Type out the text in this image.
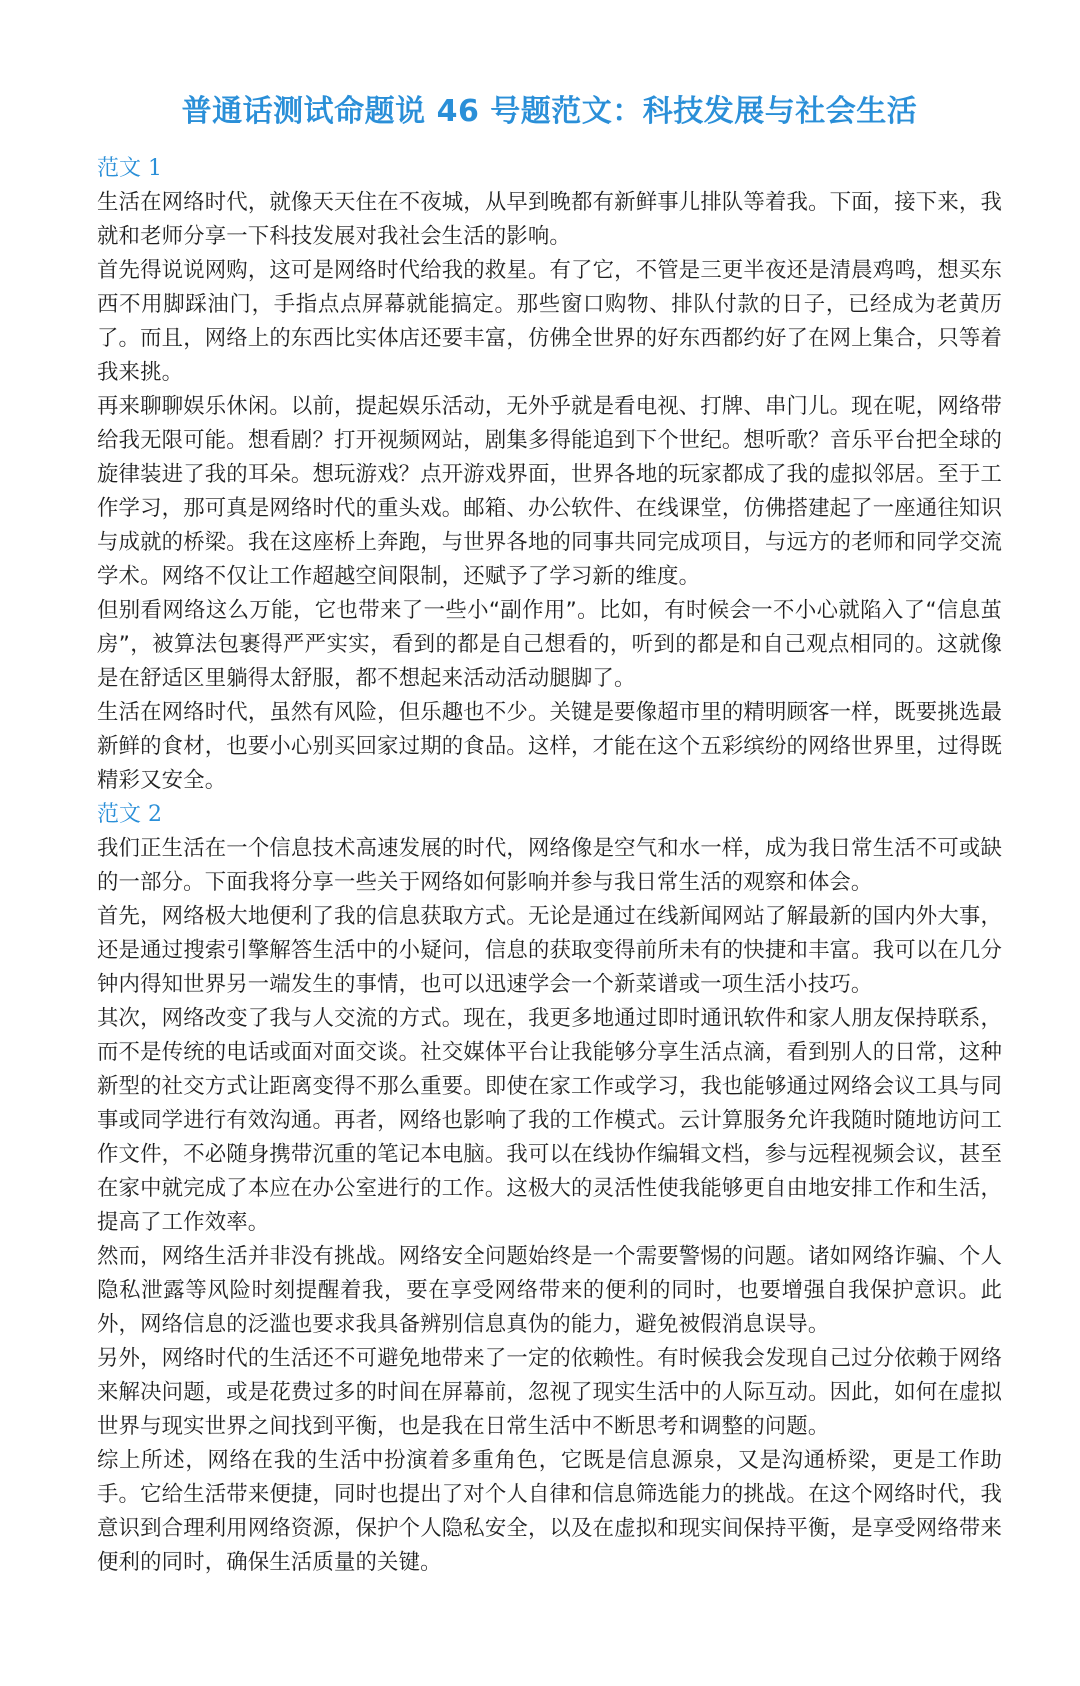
普通话测试命题说 46 号题范文：科技发展与社会生活
范文 1

生活在网络时代，就像天天住在不夜城，从早到晚都有新鲜事儿排队等着我。下面，接下来，我就和老师分享一下科技发展对我社会生活的影响。

首先得说说网购，这可是网络时代给我的救星。有了它，不管是三更半夜还是清晨鸡鸣，想买东西不用脚踩油门，手指点点屏幕就能搞定。那些窗口购物、排队付款的日子，已经成为老黄历了。而且，网络上的东西比实体店还要丰富，仿佛全世界的好东西都约好了在网上集合，只等着我来挑。

再来聊聊娱乐休闲。以前，提起娱乐活动，无外乎就是看电视、打牌、串门儿。现在呢，网络带给我无限可能。想看剧？打开视频网站，剧集多得能追到下个世纪。想听歌？音乐平台把全球的旋律装进了我的耳朵。想玩游戏？点开游戏界面，世界各地的玩家都成了我的虚拟邻居。至于工作学习，那可真是网络时代的重头戏。邮箱、办公软件、在线课堂，仿佛搭建起了一座通往知识与成就的桥梁。我在这座桥上奔跑，与世界各地的同事共同完成项目，与远方的老师和同学交流学术。网络不仅让工作超越空间限制，还赋予了学习新的维度。

但别看网络这么万能，它也带来了一些小“副作用”。比如，有时候会一不小心就陷入了“信息茧房”，被算法包裹得严严实实，看到的都是自己想看的，听到的都是和自己观点相同的。这就像是在舒适区里躺得太舒服，都不想起来活动活动腿脚了。

生活在网络时代，虽然有风险，但乐趣也不少。关键是要像超市里的精明顾客一样，既要挑选最新鲜的食材，也要小心别买回家过期的食品。这样，才能在这个五彩缤纷的网络世界里，过得既精彩又安全。

范文 2

我们正生活在一个信息技术高速发展的时代，网络像是空气和水一样，成为我日常生活不可或缺的一部分。下面我将分享一些关于网络如何影响并参与我日常生活的观察和体会。

首先，网络极大地便利了我的信息获取方式。无论是通过在线新闻网站了解最新的国内外大事，还是通过搜索引擎解答生活中的小疑问，信息的获取变得前所未有的快捷和丰富。我可以在几分钟内得知世界另一端发生的事情，也可以迅速学会一个新菜谱或一项生活小技巧。

其次，网络改变了我与人交流的方式。现在，我更多地通过即时通讯软件和家人朋友保持联系，而不是传统的电话或面对面交谈。社交媒体平台让我能够分享生活点滴，看到别人的日常，这种新型的社交方式让距离变得不那么重要。即使在家工作或学习，我也能够通过网络会议工具与同事或同学进行有效沟通。再者，网络也影响了我的工作模式。云计算服务允许我随时随地访问工作文件，不必随身携带沉重的笔记本电脑。我可以在线协作编辑文档，参与远程视频会议，甚至在家中就完成了本应在办公室进行的工作。这极大的灵活性使我能够更自由地安排工作和生活，提高了工作效率。

然而，网络生活并非没有挑战。网络安全问题始终是一个需要警惕的问题。诸如网络诈骗、个人隐私泄露等风险时刻提醒着我，要在享受网络带来的便利的同时，也要增强自我保护意识。此外，网络信息的泛滥也要求我具备辨别信息真伪的能力，避免被假消息误导。

另外，网络时代的生活还不可避免地带来了一定的依赖性。有时候我会发现自己过分依赖于网络来解决问题，或是花费过多的时间在屏幕前，忽视了现实生活中的人际互动。因此，如何在虚拟世界与现实世界之间找到平衡，也是我在日常生活中不断思考和调整的问题。

综上所述，网络在我的生活中扮演着多重角色，它既是信息源泉，又是沟通桥梁，更是工作助手。它给生活带来便捷，同时也提出了对个人自律和信息筛选能力的挑战。在这个网络时代，我意识到合理利用网络资源，保护个人隐私安全，以及在虚拟和现实间保持平衡，是享受网络带来便利的同时，确保生活质量的关键。
